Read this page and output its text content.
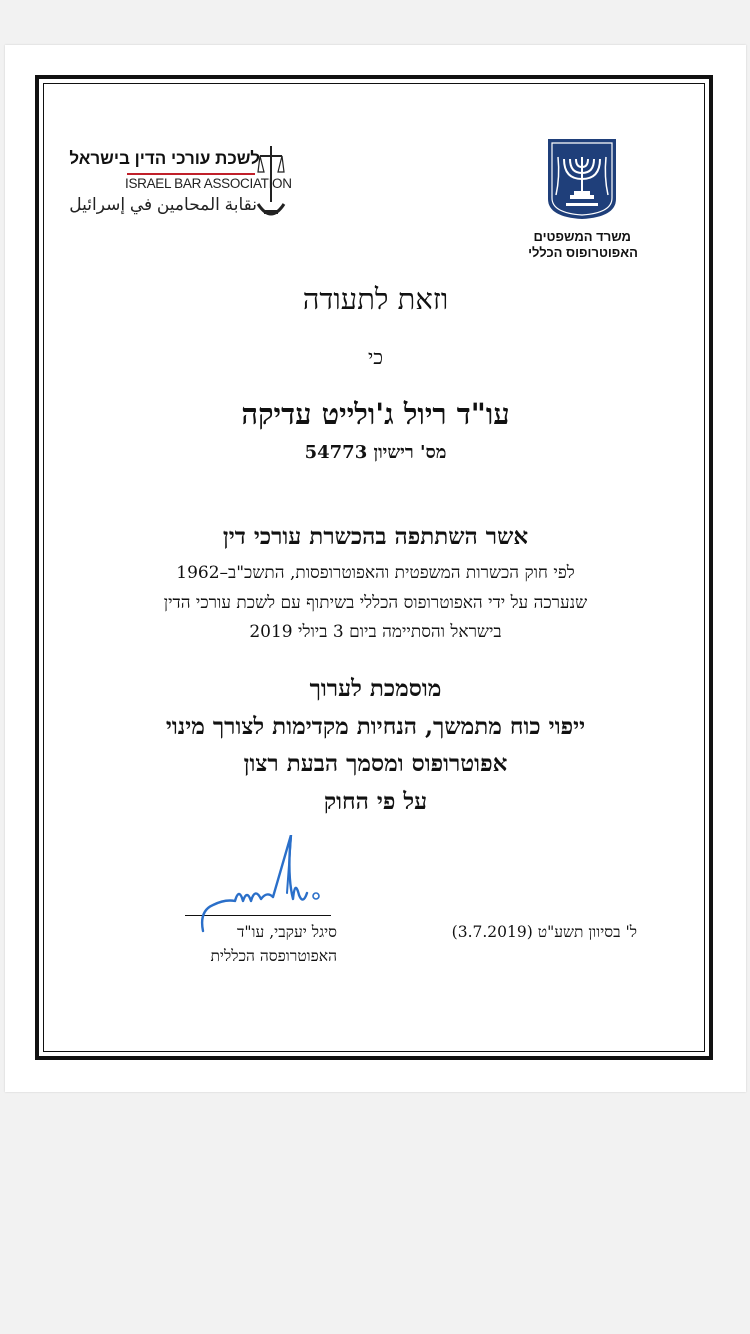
משרד המשפטים
האפוטרופוס הכללי
לשכת עורכי הדין בישראל
ISRAEL BAR ASSOCIATION
نقابة المحامين في إسرائيل
וזאת לתעודה
כי
עו"ד ריול ג'ולייט עדיקה
מס' רישיון 54773
אשר השתתפה בהכשרת עורכי דין
לפי חוק הכשרות המשפטית והאפוטרופסות, התשכ"ב–1962
שנערכה על ידי האפוטרופוס הכללי בשיתוף עם לשכת עורכי הדין
בישראל והסתיימה ביום 3 ביולי 2019
מוסמכת לערוך
ייפוי כוח מתמשך, הנחיות מקדימות לצורך מינוי
אפוטרופוס ומסמך הבעת רצון
על פי החוק
סיגל יעקבי, עו"ד
האפוטרופסה הכללית
ל' בסיוון תשע"ט (3.7.2019)
